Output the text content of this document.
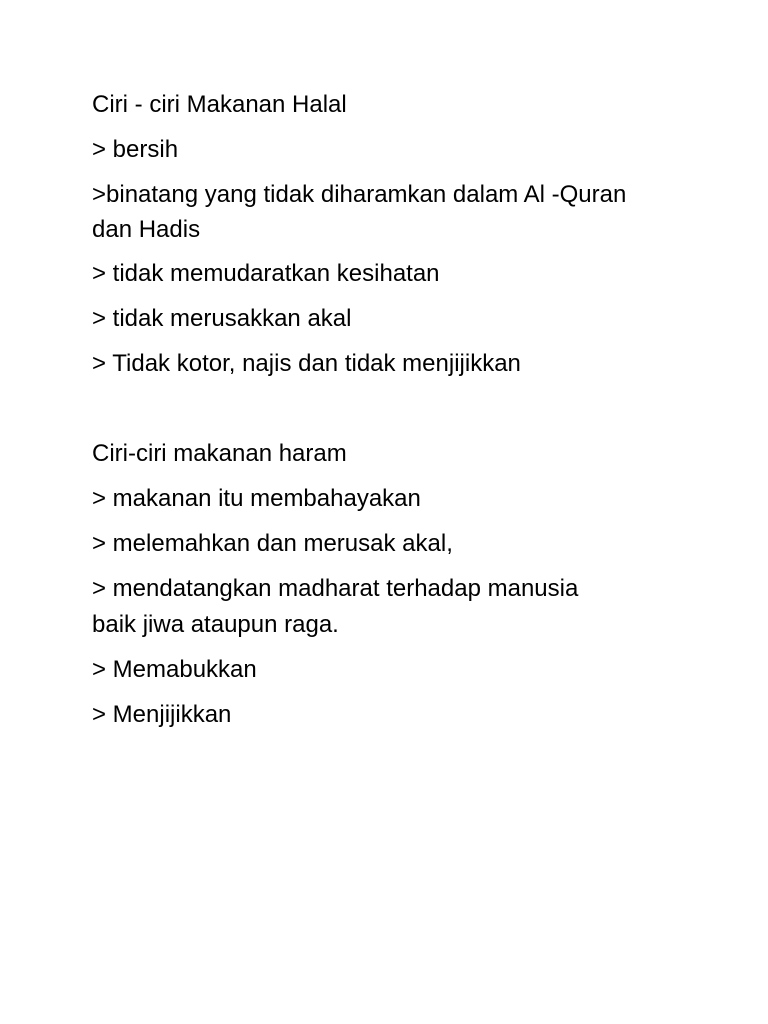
Ciri - ciri Makanan Halal
> bersih
>binatang yang tidak diharamkan dalam Al -Quran
dan Hadis
> tidak memudaratkan kesihatan
> tidak merusakkan akal
> Tidak kotor, najis dan tidak menjijikkan
Ciri-ciri makanan haram
> makanan itu membahayakan
> melemahkan dan merusak akal,
> mendatangkan madharat terhadap manusia
baik jiwa ataupun raga.
> Memabukkan
> Menjijikkan
